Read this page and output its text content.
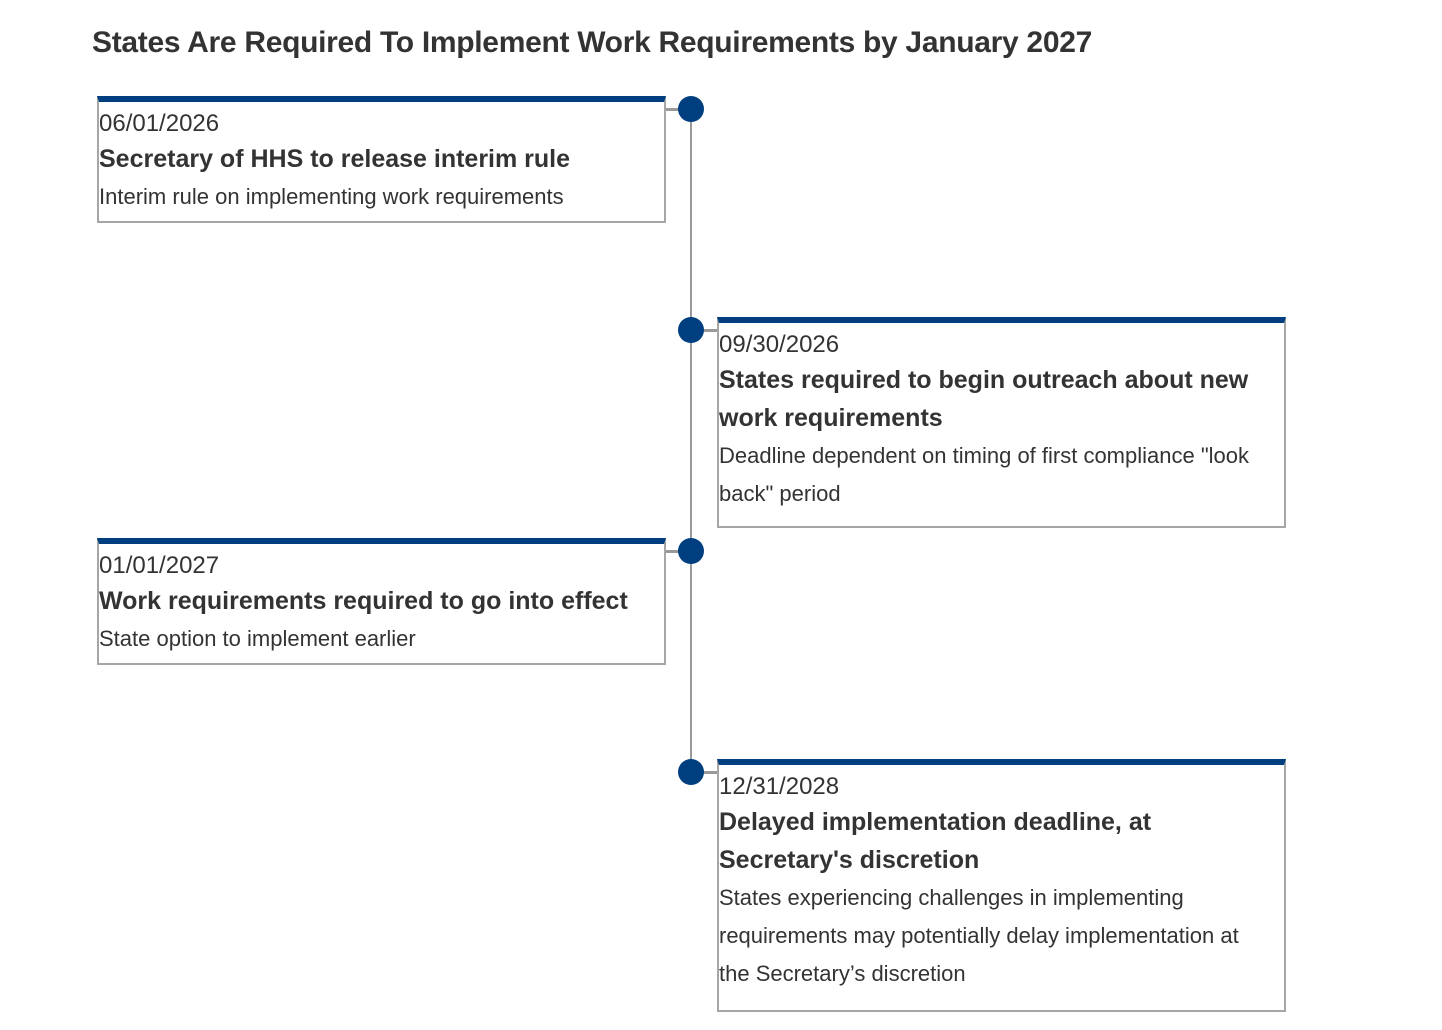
States Are Required To Implement Work Requirements by January 2027
06/01/2026
Secretary of HHS to release interim rule
Interim rule on implementing work requirements
09/30/2026
States required to begin outreach about new work requirements
Deadline dependent on timing of first compliance "look back" period
01/01/2027
Work requirements required to go into effect
State option to implement earlier
12/31/2028
Delayed implementation deadline, at Secretary's discretion
States experiencing challenges in implementing requirements may potentially delay implementation at the Secretary’s discretion
